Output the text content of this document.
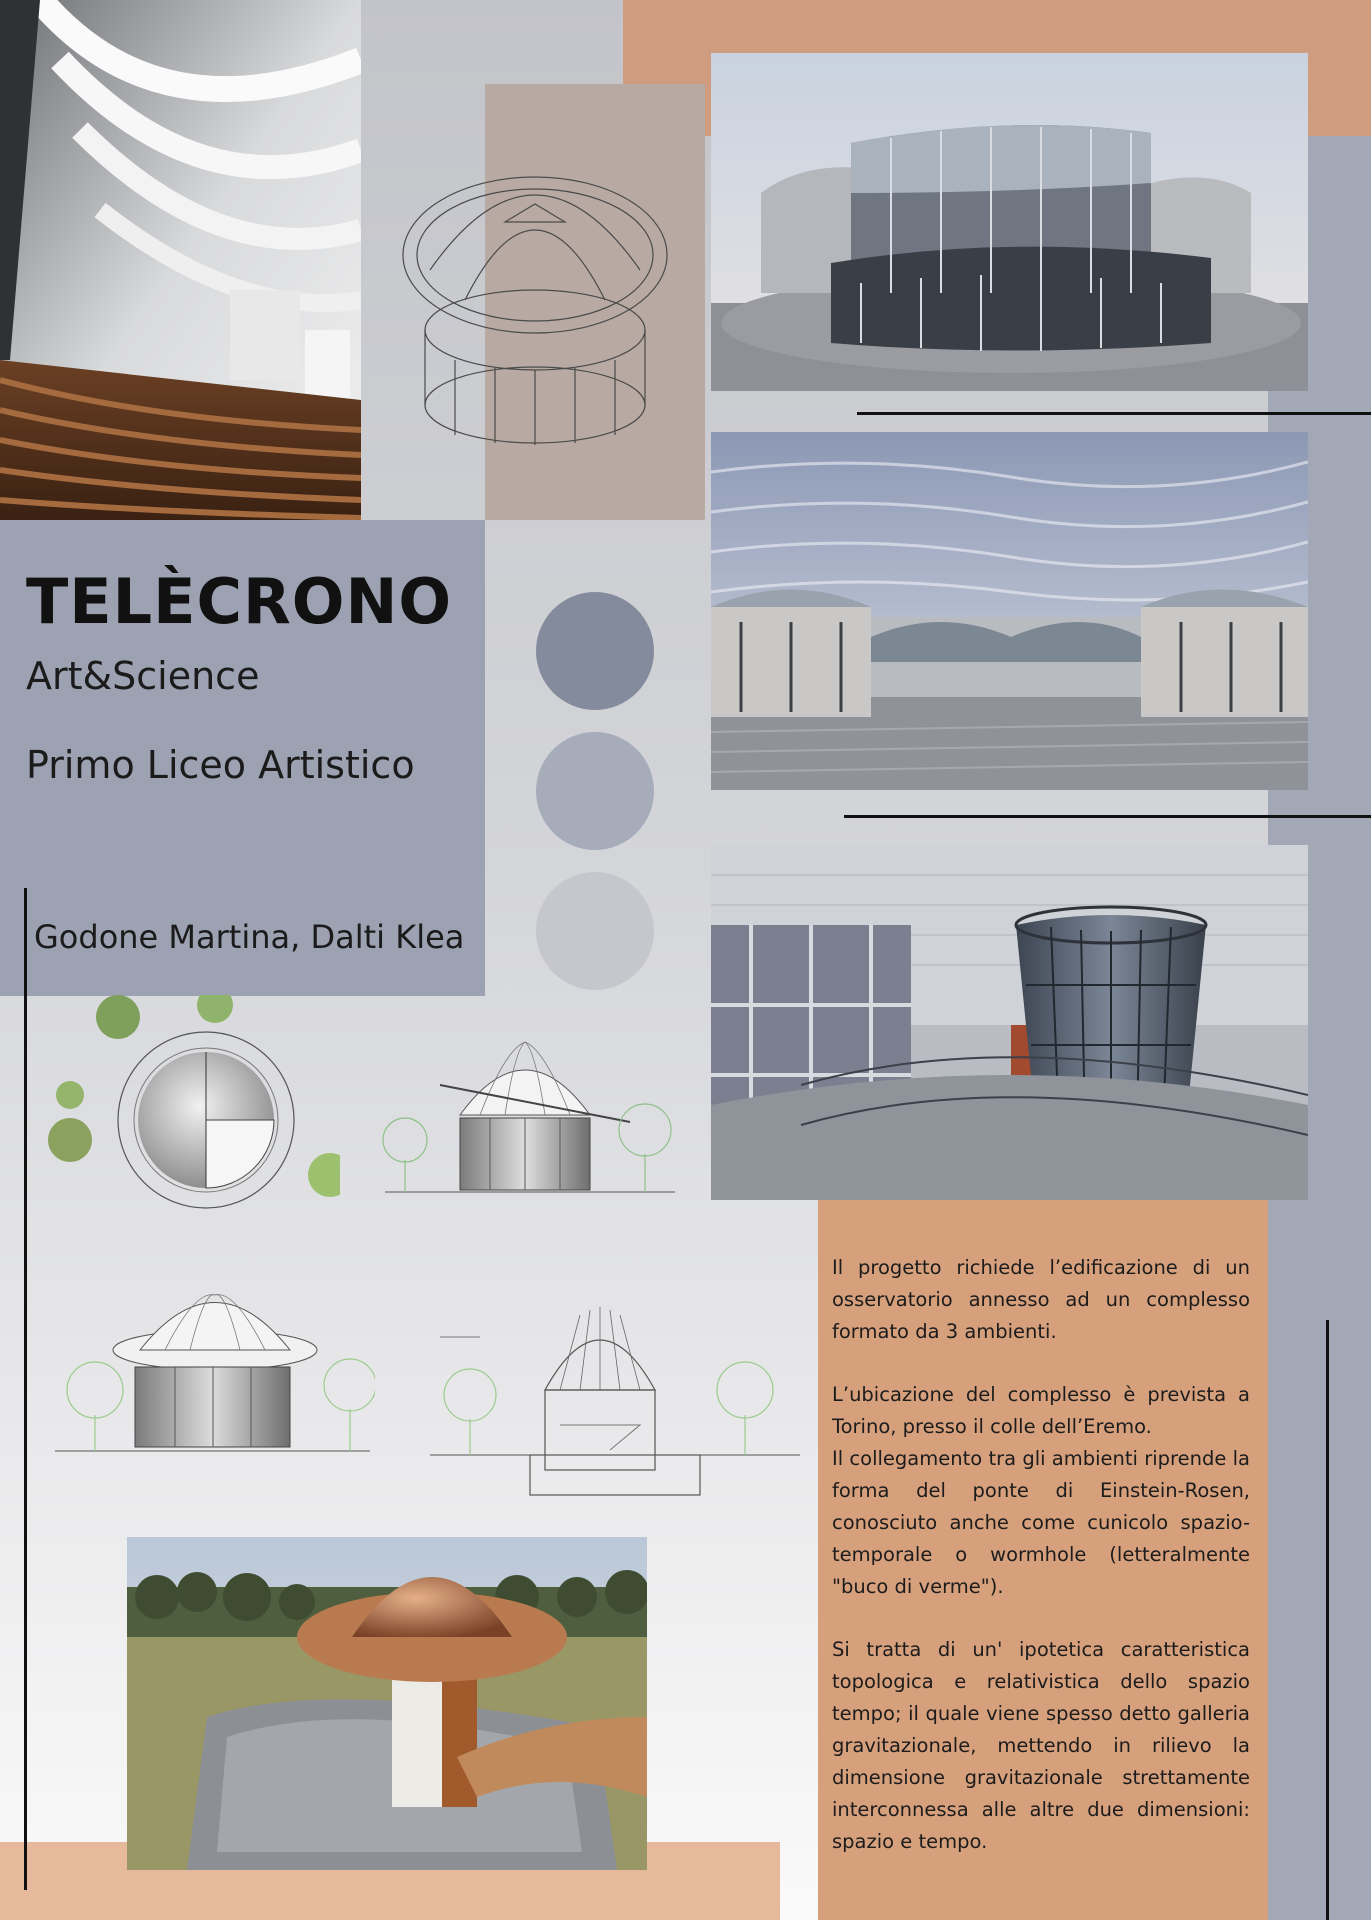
TELÈCRONO
Art&Science
Primo Liceo Artistico
Godone Martina, Dalti Klea

Il progetto richiede l’edificazione di un osservatorio annesso ad un complesso formato da 3 ambienti.

L’ubicazione del complesso è prevista a Torino, presso il colle dell’Eremo.

Il collegamento tra gli ambienti riprende la forma del ponte di Einstein-Rosen, conosciuto anche come cunicolo spazio-temporale o wormhole (letteralmente "buco di verme").

Si tratta di un' ipotetica caratteristica topologica e relativistica dello spazio tempo; il quale viene spesso detto galleria gravitazionale, mettendo in rilievo la dimensione gravitazionale strettamente interconnessa alle altre due dimensioni: spazio e tempo.
